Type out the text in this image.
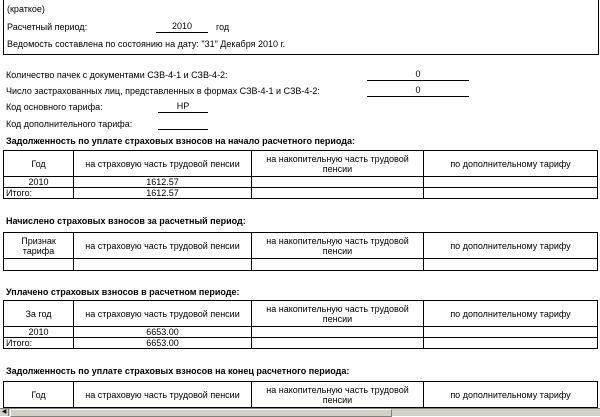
(краткое)
Расчетный период:	2010	год
Ведомость составлена по состоянию на дату: "31" Декабря 2010 г.
Количество пачек с документами СЗВ-4-1 и СЗВ-4-2:	0
Число застрахованных лиц, представленных в формах СЗВ-4-1 и СЗВ-4-2:	0
Код основного тарифа:	НР
Код дополнительного тарифа:
Задолженность по уплате страховых взносов на начало расчетного периода:
Год	на страховую часть трудовой пенсии	на накопительную часть трудовой пенсии	по дополнительному тарифу
2010	1612.57		
Итого:	1612.57		
Начислено страховых взносов за расчетный период:
Признак тарифа	на страховую часть трудовой пенсии	на накопительную часть трудовой пенсии	по дополнительному тарифу

Уплачено страховых взносов в расчетном периоде:
За год	на страховую часть трудовой пенсии	на накопительную часть трудовой пенсии	по дополнительному тарифу
2010	6653.00		
Итого:	6653.00		
Задолженность по уплате страховых взносов на конец расчетного периода:
Год	на страховую часть трудовой пенсии	на накопительную часть трудовой пенсии	по дополнительному тарифу
◀
